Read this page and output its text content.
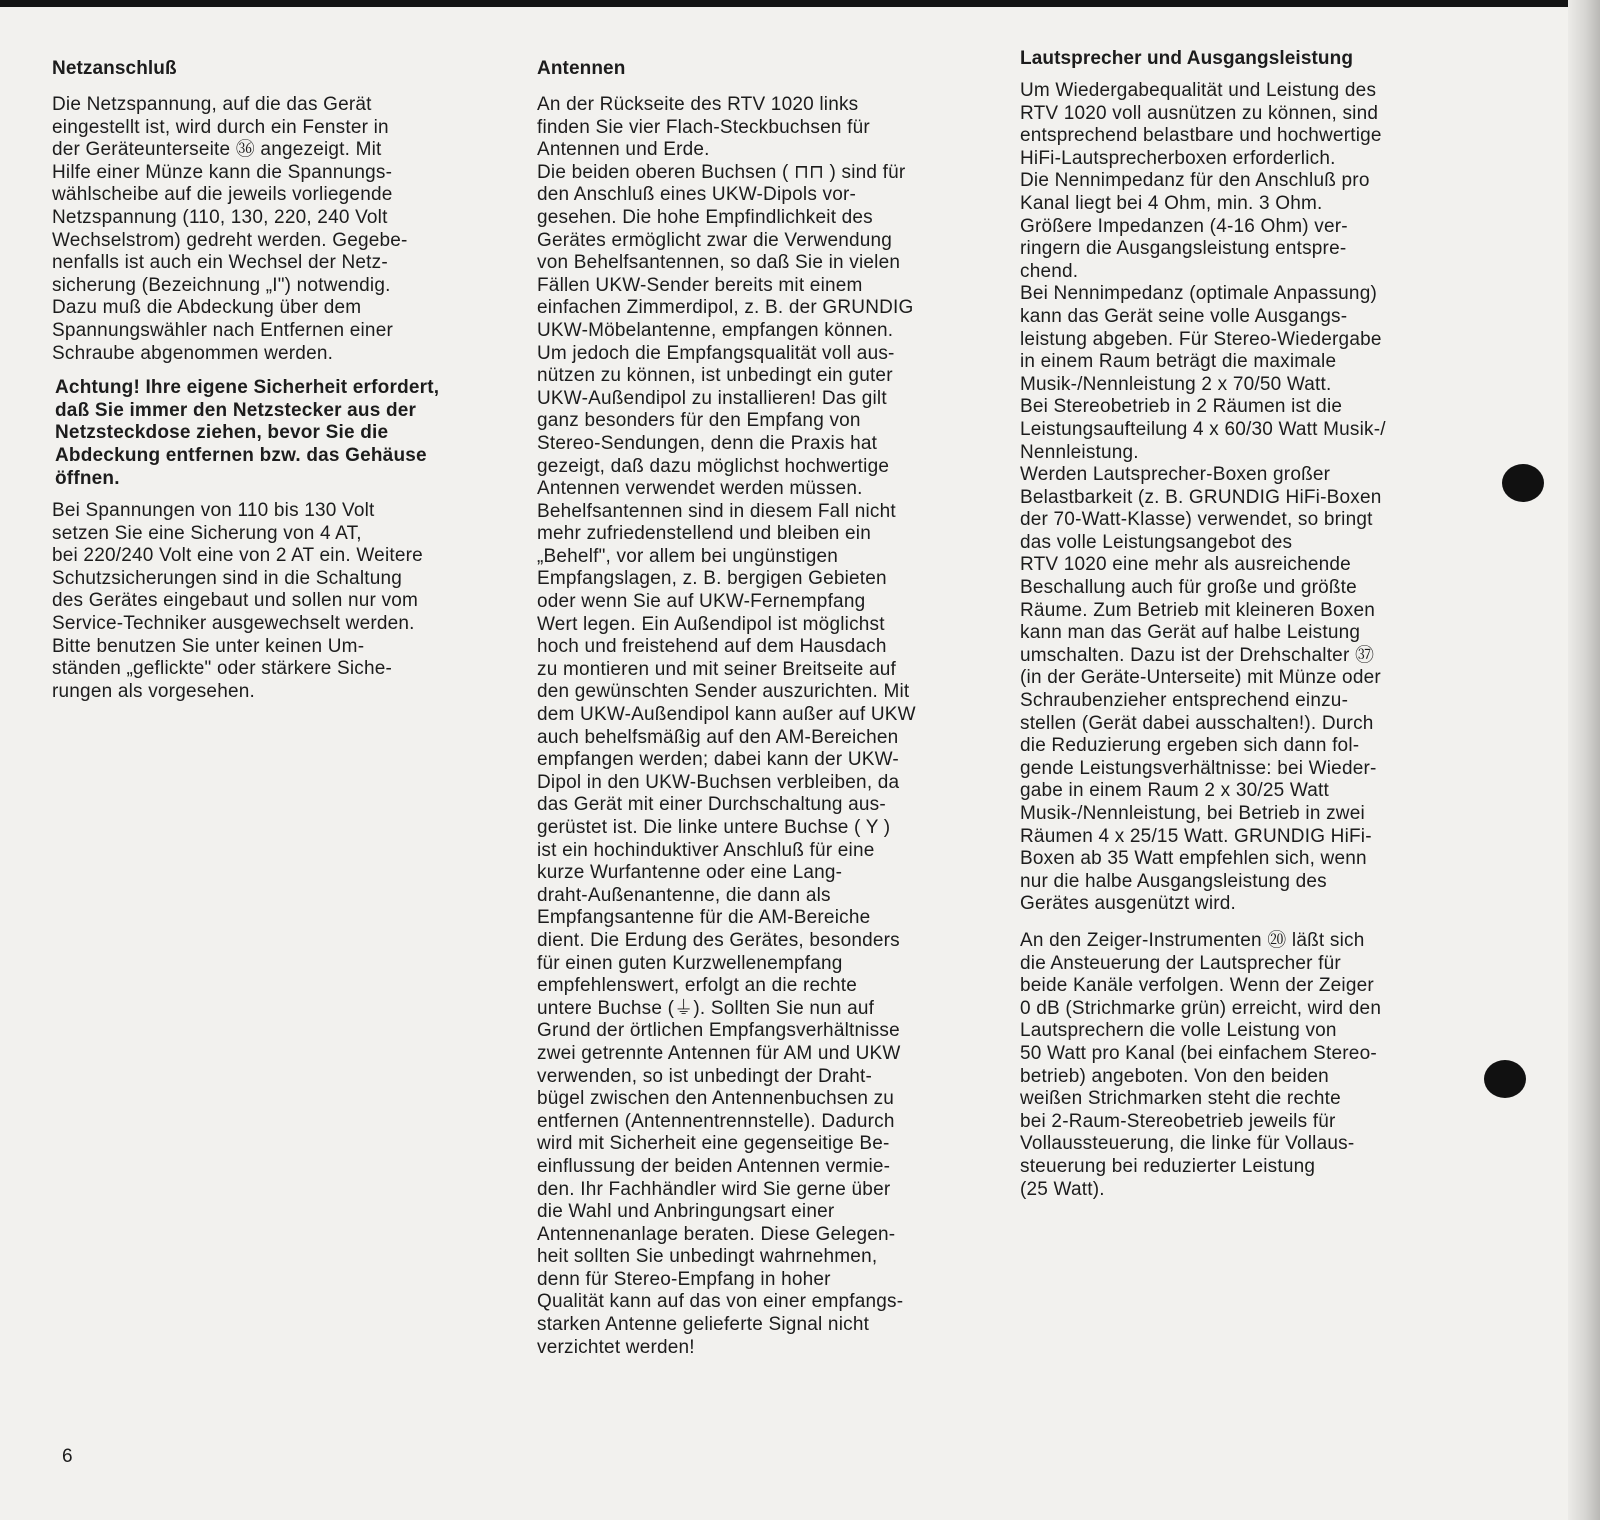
Netzanschluß

Die Netzspannung, auf die das Gerät
eingestellt ist, wird durch ein Fenster in
der Geräteunterseite ㊱ angezeigt. Mit
Hilfe einer Münze kann die Spannungs-
wählscheibe auf die jeweils vorliegende
Netzspannung (110, 130, 220, 240 Volt
Wechselstrom) gedreht werden. Gegebe-
nenfalls ist auch ein Wechsel der Netz-
sicherung (Bezeichnung „I") notwendig.
Dazu muß die Abdeckung über dem
Spannungswähler nach Entfernen einer
Schraube abgenommen werden.

Achtung! Ihre eigene Sicherheit erfordert,
daß Sie immer den Netzstecker aus der
Netzsteckdose ziehen, bevor Sie die
Abdeckung entfernen bzw. das Gehäuse
öffnen.

Bei Spannungen von 110 bis 130 Volt
setzen Sie eine Sicherung von 4 AT,
bei 220/240 Volt eine von 2 AT ein. Weitere
Schutzsicherungen sind in die Schaltung
des Gerätes eingebaut und sollen nur vom
Service-Techniker ausgewechselt werden.
Bitte benutzen Sie unter keinen Um-
ständen „geflickte" oder stärkere Siche-
rungen als vorgesehen.

Antennen

An der Rückseite des RTV 1020 links
finden Sie vier Flach-Steckbuchsen für
Antennen und Erde.
Die beiden oberen Buchsen ( ⊓⊓ ) sind für
den Anschluß eines UKW-Dipols vor-
gesehen. Die hohe Empfindlichkeit des
Gerätes ermöglicht zwar die Verwendung
von Behelfsantennen, so daß Sie in vielen
Fällen UKW-Sender bereits mit einem
einfachen Zimmerdipol, z. B. der GRUNDIG
UKW-Möbelantenne, empfangen können.
Um jedoch die Empfangsqualität voll aus-
nützen zu können, ist unbedingt ein guter
UKW-Außendipol zu installieren! Das gilt
ganz besonders für den Empfang von
Stereo-Sendungen, denn die Praxis hat
gezeigt, daß dazu möglichst hochwertige
Antennen verwendet werden müssen.
Behelfsantennen sind in diesem Fall nicht
mehr zufriedenstellend und bleiben ein
„Behelf", vor allem bei ungünstigen
Empfangslagen, z. B. bergigen Gebieten
oder wenn Sie auf UKW-Fernempfang
Wert legen. Ein Außendipol ist möglichst
hoch und freistehend auf dem Hausdach
zu montieren und mit seiner Breitseite auf
den gewünschten Sender auszurichten. Mit
dem UKW-Außendipol kann außer auf UKW
auch behelfsmäßig auf den AM-Bereichen
empfangen werden; dabei kann der UKW-
Dipol in den UKW-Buchsen verbleiben, da
das Gerät mit einer Durchschaltung aus-
gerüstet ist. Die linke untere Buchse ( Y )
ist ein hochinduktiver Anschluß für eine
kurze Wurfantenne oder eine Lang-
draht-Außenantenne, die dann als
Empfangsantenne für die AM-Bereiche
dient. Die Erdung des Gerätes, besonders
für einen guten Kurzwellenempfang
empfehlenswert, erfolgt an die rechte
untere Buchse (⏚). Sollten Sie nun auf
Grund der örtlichen Empfangsverhältnisse
zwei getrennte Antennen für AM und UKW
verwenden, so ist unbedingt der Draht-
bügel zwischen den Antennenbuchsen zu
entfernen (Antennentrennstelle). Dadurch
wird mit Sicherheit eine gegenseitige Be-
einflussung der beiden Antennen vermie-
den. Ihr Fachhändler wird Sie gerne über
die Wahl und Anbringungsart einer
Antennenanlage beraten. Diese Gelegen-
heit sollten Sie unbedingt wahrnehmen,
denn für Stereo-Empfang in hoher
Qualität kann auf das von einer empfangs-
starken Antenne gelieferte Signal nicht
verzichtet werden!

Lautsprecher und Ausgangsleistung

Um Wiedergabequalität und Leistung des
RTV 1020 voll ausnützen zu können, sind
entsprechend belastbare und hochwertige
HiFi-Lautsprecherboxen erforderlich.
Die Nennimpedanz für den Anschluß pro
Kanal liegt bei 4 Ohm, min. 3 Ohm.
Größere Impedanzen (4-16 Ohm) ver-
ringern die Ausgangsleistung entspre-
chend.
Bei Nennimpedanz (optimale Anpassung)
kann das Gerät seine volle Ausgangs-
leistung abgeben. Für Stereo-Wiedergabe
in einem Raum beträgt die maximale
Musik-/Nennleistung 2 x 70/50 Watt.
Bei Stereobetrieb in 2 Räumen ist die
Leistungsaufteilung 4 x 60/30 Watt Musik-/
Nennleistung.
Werden Lautsprecher-Boxen großer
Belastbarkeit (z. B. GRUNDIG HiFi-Boxen
der 70-Watt-Klasse) verwendet, so bringt
das volle Leistungsangebot des
RTV 1020 eine mehr als ausreichende
Beschallung auch für große und größte
Räume. Zum Betrieb mit kleineren Boxen
kann man das Gerät auf halbe Leistung
umschalten. Dazu ist der Drehschalter ㊲
(in der Geräte-Unterseite) mit Münze oder
Schraubenzieher entsprechend einzu-
stellen (Gerät dabei ausschalten!). Durch
die Reduzierung ergeben sich dann fol-
gende Leistungsverhältnisse: bei Wieder-
gabe in einem Raum 2 x 30/25 Watt
Musik-/Nennleistung, bei Betrieb in zwei
Räumen 4 x 25/15 Watt. GRUNDIG HiFi-
Boxen ab 35 Watt empfehlen sich, wenn
nur die halbe Ausgangsleistung des
Gerätes ausgenützt wird.

An den Zeiger-Instrumenten ⑳ läßt sich
die Ansteuerung der Lautsprecher für
beide Kanäle verfolgen. Wenn der Zeiger
0 dB (Strichmarke grün) erreicht, wird den
Lautsprechern die volle Leistung von
50 Watt pro Kanal (bei einfachem Stereo-
betrieb) angeboten. Von den beiden
weißen Strichmarken steht die rechte
bei 2-Raum-Stereobetrieb jeweils für
Vollaussteuerung, die linke für Vollaus-
steuerung bei reduzierter Leistung
(25 Watt).

6
